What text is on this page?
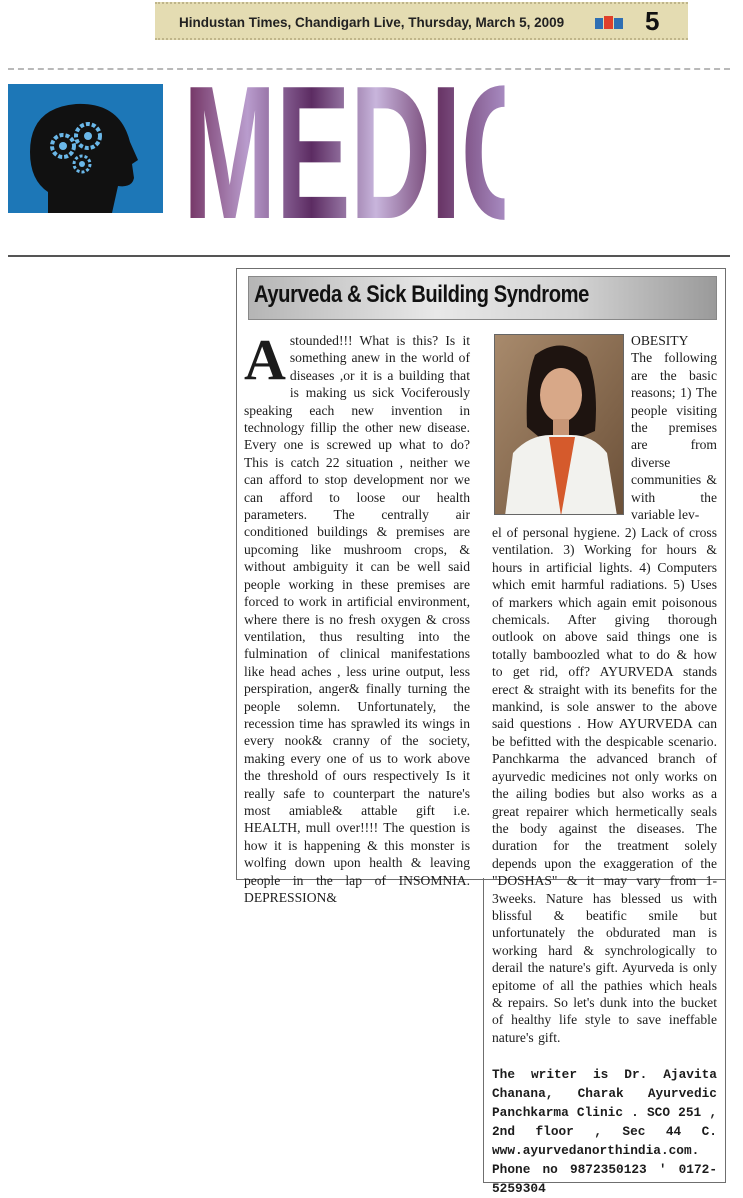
Hindustan Times, Chandigarh Live, Thursday, March 5, 2009	5
MEDICAL
Ayurveda & Sick Building Syndrome
A stounded!!! What is this? Is it something anew in the world of diseases ,or it is a building that is making us sick Vociferously speaking each new invention in technology fillip the other new disease. Every one is screwed up what to do? This is catch 22 situation , neither we can afford to stop development nor we can afford to loose our health parameters. The centrally air conditioned buildings & premises are upcoming like mushroom crops, & without ambiguity it can be well said people working in these premises are forced to work in artificial environment, where there is no fresh oxygen & cross ventilation, thus resulting into the fulmination of clinical manifestations like head aches , less urine output, less perspiration, anger& finally turning the people solemn. Unfortunately, the recession time has sprawled its wings in every nook& cranny of the society, making every one of us to work above the threshold of ours respectively Is it really safe to counterpart the nature's most amiable& attable gift i.e. HEALTH, mull over!!!! The question is how it is happening & this monster is wolfing down upon health & leaving people in the lap of INSOMNIA. DEPRESSION&
OBESITY
The following are the basic reasons; 1) The people visiting the premises are from diverse communities & with the variable lev-
el of personal hygiene. 2) Lack of cross ventilation. 3) Working for hours & hours in artificial lights. 4) Computers which emit harmful radiations. 5) Uses of markers which again emit poisonous chemicals. After giving thorough outlook on above said things one is totally bamboozled what to do & how to get rid, off? AYURVEDA stands erect & straight with its benefits for the mankind, is sole answer to the above said questions . How AYURVEDA can be befitted with the despicable scenario. Panchkarma the advanced branch of ayurvedic medicines not only works on the ailing bodies but also works as a great repairer which hermetically seals the body against the diseases. The duration for the treatment solely depends upon the exaggeration of the "DOSHAS" & it may vary from 1-3weeks. Nature has blessed us with blissful & beatific smile but unfortunately the obdurated man is working hard & synchrologically to derail the nature's gift. Ayurveda is only epitome of all the pathies which heals & repairs. So let's dunk into the bucket of healthy life style to save ineffable nature's gift.
The writer is Dr. Ajavita Chanana, Charak Ayurvedic Panchkarma Clinic . SCO 251 , 2nd floor , Sec 44 C. www.ayurvedanorthindia.com. Phone no 9872350123 ' 0172-5259304
